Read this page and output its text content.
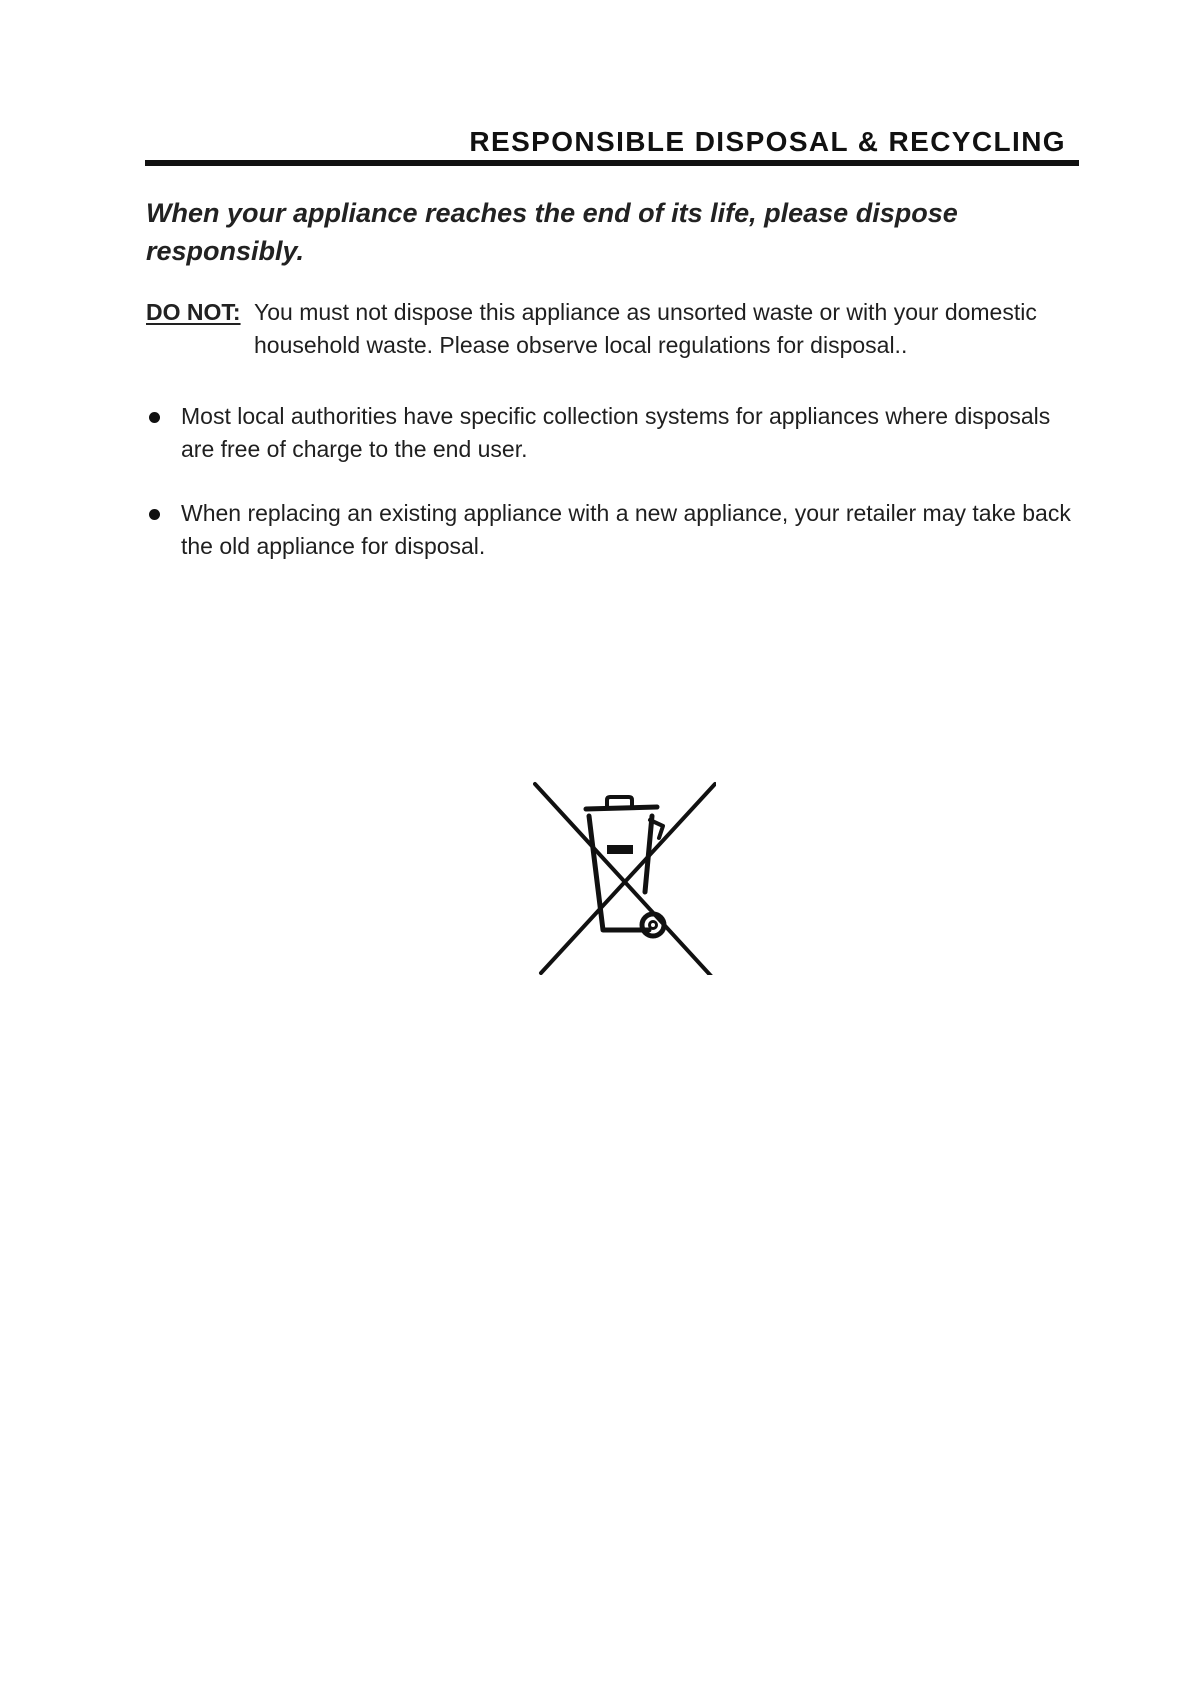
RESPONSIBLE DISPOSAL & RECYCLING

When your appliance reaches the end of its life, please dispose responsibly.

DO NOT: You must not dispose this appliance as unsorted waste or with your domestic household waste. Please observe local regulations for disposal..
Most local authorities have specific collection systems for appliances where disposals are free of charge to the end user.
When replacing an existing appliance with a new appliance, your retailer may take back the old appliance for disposal.
